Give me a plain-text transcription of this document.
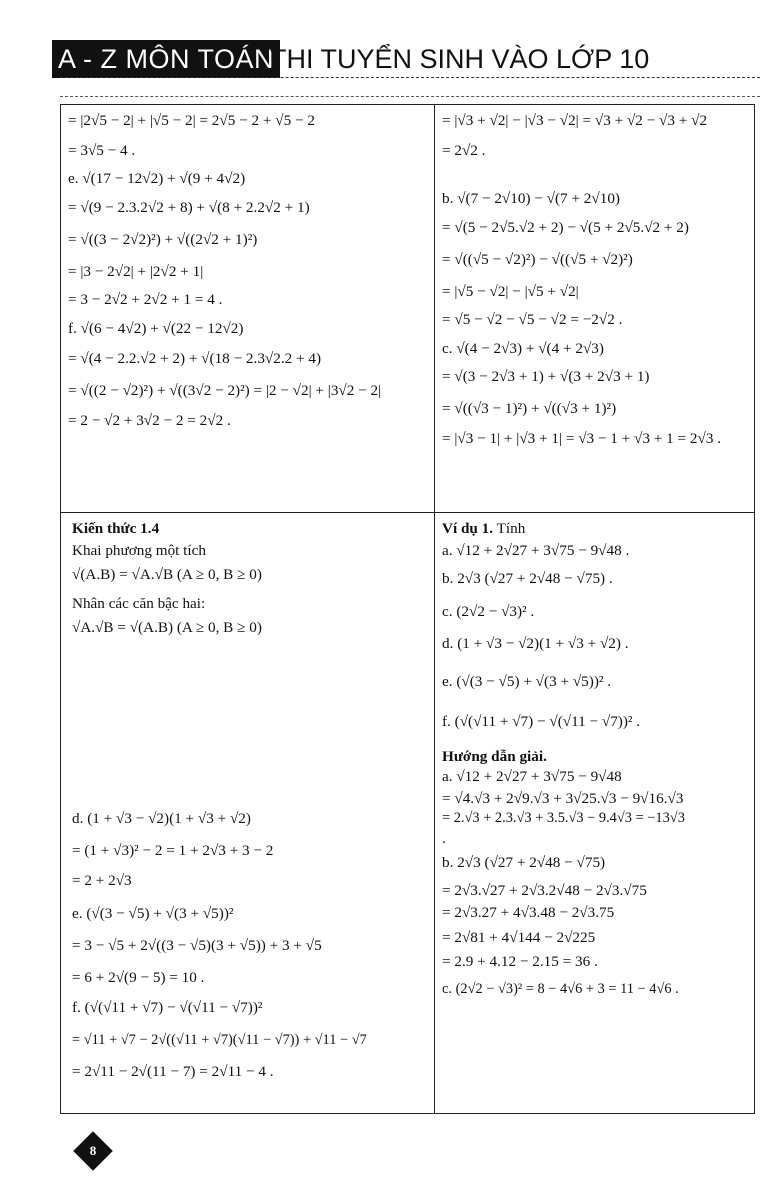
A - Z MÔN TOÁN
THI TUYỂN SINH VÀO LỚP 10

= |2√5 − 2| + |√5 − 2| = 2√5 − 2 + √5 − 2

= 3√5 − 4 .

e. √(17 − 12√2) + √(9 + 4√2)

= √(9 − 2.3.2√2 + 8) + √(8 + 2.2√2 + 1)

= √((3 − 2√2)²) + √((2√2 + 1)²)

= |3 − 2√2| + |2√2 + 1|

= 3 − 2√2 + 2√2 + 1 = 4 .

f. √(6 − 4√2) + √(22 − 12√2)

= √(4 − 2.2.√2 + 2) + √(18 − 2.3√2.2 + 4)

= √((2 − √2)²) + √((3√2 − 2)²) = |2 − √2| + |3√2 − 2|

= 2 − √2 + 3√2 − 2 = 2√2 .

= |√3 + √2| − |√3 − √2| = √3 + √2 − √3 + √2

= 2√2 .

b. √(7 − 2√10) − √(7 + 2√10)

= √(5 − 2√5.√2 + 2) − √(5 + 2√5.√2 + 2)

= √((√5 − √2)²) − √((√5 + √2)²)

= |√5 − √2| − |√5 + √2|

= √5 − √2 − √5 − √2 = −2√2 .

c. √(4 − 2√3) + √(4 + 2√3)

= √(3 − 2√3 + 1) + √(3 + 2√3 + 1)

= √((√3 − 1)²) + √((√3 + 1)²)

= |√3 − 1| + |√3 + 1| = √3 − 1 + √3 + 1 = 2√3 .

Kiến thức 1.4

Khai phương một tích

√(A.B) = √A.√B (A ≥ 0, B ≥ 0)

Nhân các căn bậc hai:

√A.√B = √(A.B) (A ≥ 0, B ≥ 0)

d. (1 + √3 − √2)(1 + √3 + √2)

= (1 + √3)² − 2 = 1 + 2√3 + 3 − 2

= 2 + 2√3

e. (√(3 − √5) + √(3 + √5))²

= 3 − √5 + 2√((3 − √5)(3 + √5)) + 3 + √5

= 6 + 2√(9 − 5) = 10 .

f. (√(√11 + √7) − √(√11 − √7))²

= √11 + √7 − 2√((√11 + √7)(√11 − √7)) + √11 − √7

= 2√11 − 2√(11 − 7) = 2√11 − 4 .

Ví dụ 1. Tính

a. √12 + 2√27 + 3√75 − 9√48 .

b. 2√3 (√27 + 2√48 − √75) .

c. (2√2 − √3)² .

d. (1 + √3 − √2)(1 + √3 + √2) .

e. (√(3 − √5) + √(3 + √5))² .

f. (√(√11 + √7) − √(√11 − √7))² .

Hướng dẫn giải.

a. √12 + 2√27 + 3√75 − 9√48

= √4.√3 + 2√9.√3 + 3√25.√3 − 9√16.√3

= 2.√3 + 2.3.√3 + 3.5.√3 − 9.4√3 = −13√3

.

b. 2√3 (√27 + 2√48 − √75)

= 2√3.√27 + 2√3.2√48 − 2√3.√75

= 2√3.27 + 4√3.48 − 2√3.75

= 2√81 + 4√144 − 2√225

= 2.9 + 4.12 − 2.15 = 36 .

c. (2√2 − √3)² = 8 − 4√6 + 3 = 11 − 4√6 .

8
